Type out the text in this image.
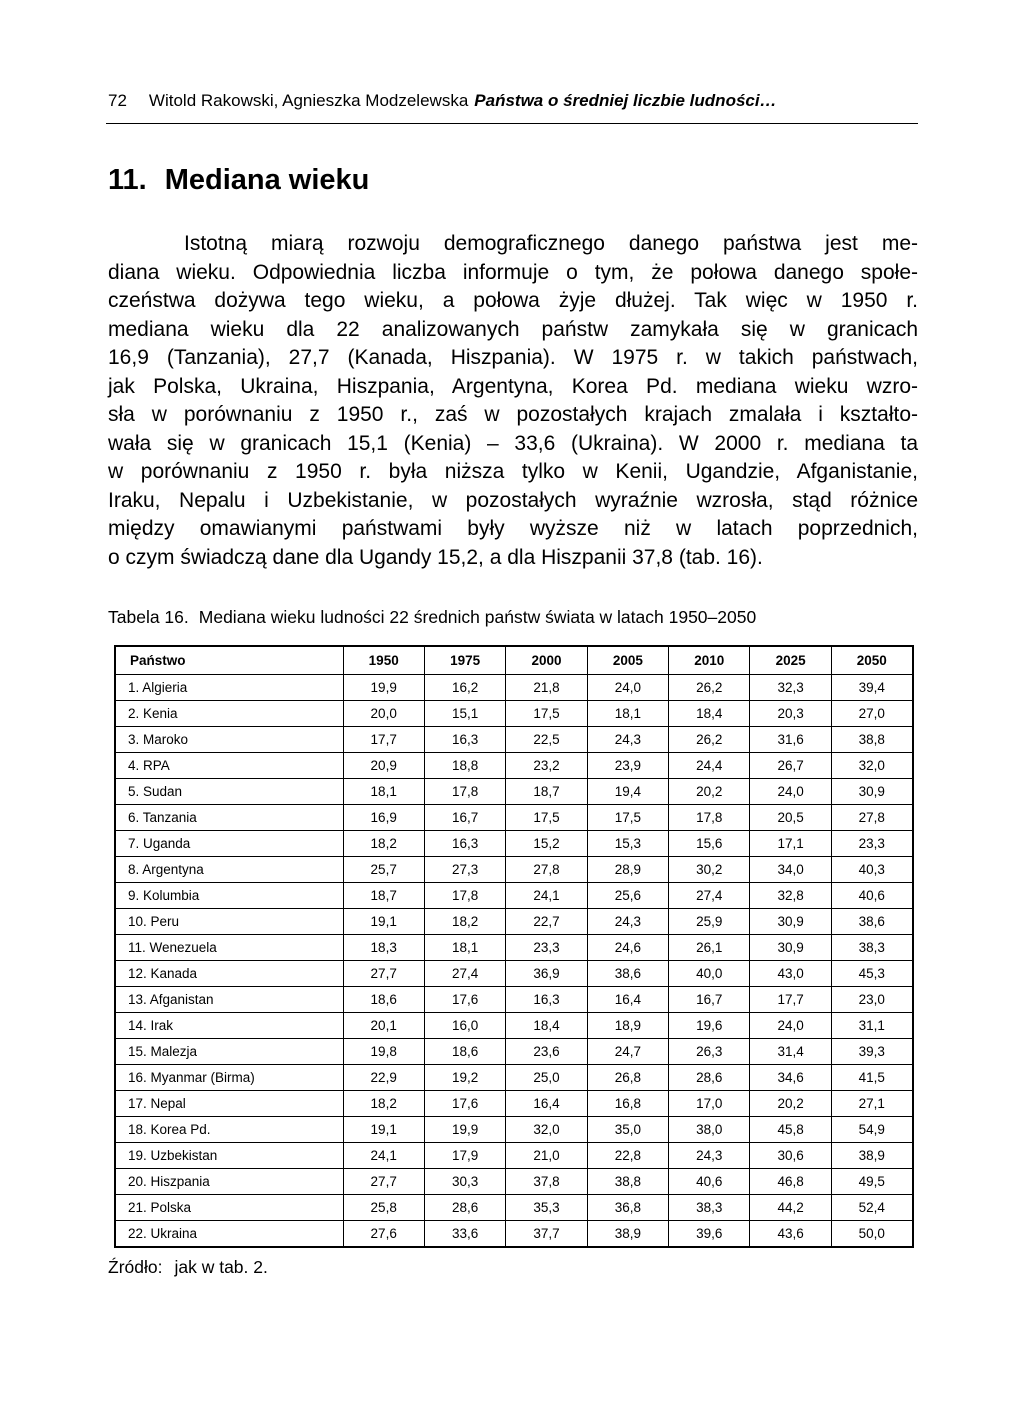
72 Witold Rakowski, Agnieszka Modzelewska Państwa o średniej liczbie ludności…
11. Mediana wieku
Istotną miarą rozwoju demograficznego danego państwa jest me-
diana wieku. Odpowiednia liczba informuje o tym, że połowa danego społe-
czeństwa dożywa tego wieku, a połowa żyje dłużej. Tak więc w 1950 r.
mediana wieku dla 22 analizowanych państw zamykała się w granicach
16,9 (Tanzania), 27,7 (Kanada, Hiszpania). W 1975 r. w takich państwach,
jak Polska, Ukraina, Hiszpania, Argentyna, Korea Pd. mediana wieku wzro-
sła w porównaniu z 1950 r., zaś w pozostałych krajach zmalała i kształto-
wała się w granicach 15,1 (Kenia) – 33,6 (Ukraina). W 2000 r. mediana ta
w porównaniu z 1950 r. była niższa tylko w Kenii, Ugandzie, Afganistanie,
Iraku, Nepalu i Uzbekistanie, w pozostałych wyraźnie wzrosła, stąd różnice
między omawianymi państwami były wyższe niż w latach poprzednich,
o czym świadczą dane dla Ugandy 15,2, a dla Hiszpanii 37,8 (tab. 16).
Tabela 16. Mediana wieku ludności 22 średnich państw świata w latach 1950–2050
Państwo	1950	1975	2000	2005	2010	2025	2050
1. Algieria	19,9	16,2	21,8	24,0	26,2	32,3	39,4
2. Kenia	20,0	15,1	17,5	18,1	18,4	20,3	27,0
3. Maroko	17,7	16,3	22,5	24,3	26,2	31,6	38,8
4. RPA	20,9	18,8	23,2	23,9	24,4	26,7	32,0
5. Sudan	18,1	17,8	18,7	19,4	20,2	24,0	30,9
6. Tanzania	16,9	16,7	17,5	17,5	17,8	20,5	27,8
7. Uganda	18,2	16,3	15,2	15,3	15,6	17,1	23,3
8. Argentyna	25,7	27,3	27,8	28,9	30,2	34,0	40,3
9. Kolumbia	18,7	17,8	24,1	25,6	27,4	32,8	40,6
10. Peru	19,1	18,2	22,7	24,3	25,9	30,9	38,6
11. Wenezuela	18,3	18,1	23,3	24,6	26,1	30,9	38,3
12. Kanada	27,7	27,4	36,9	38,6	40,0	43,0	45,3
13. Afganistan	18,6	17,6	16,3	16,4	16,7	17,7	23,0
14. Irak	20,1	16,0	18,4	18,9	19,6	24,0	31,1
15. Malezja	19,8	18,6	23,6	24,7	26,3	31,4	39,3
16. Myanmar (Birma)	22,9	19,2	25,0	26,8	28,6	34,6	41,5
17. Nepal	18,2	17,6	16,4	16,8	17,0	20,2	27,1
18. Korea Pd.	19,1	19,9	32,0	35,0	38,0	45,8	54,9
19. Uzbekistan	24,1	17,9	21,0	22,8	24,3	30,6	38,9
20. Hiszpania	27,7	30,3	37,8	38,8	40,6	46,8	49,5
21. Polska	25,8	28,6	35,3	36,8	38,3	44,2	52,4
22. Ukraina	27,6	33,6	37,7	38,9	39,6	43,6	50,0
Źródło: jak w tab. 2.
